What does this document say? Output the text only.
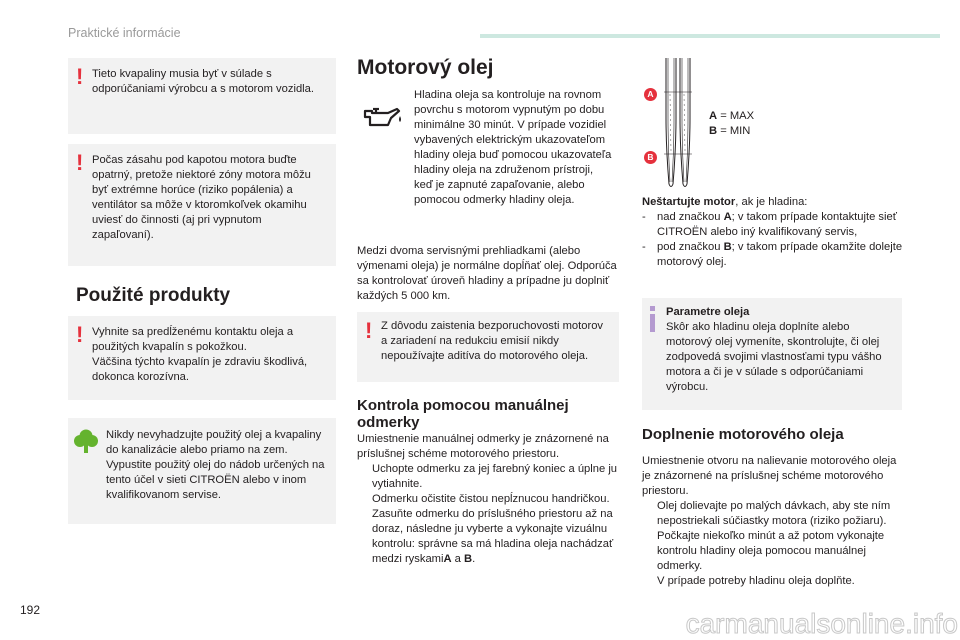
Praktické informácie
! Tieto kvapaliny musia byť v súlade s odporúčaniami výrobcu a s motorom vozidla.

! Počas zásahu pod kapotou motora buďte opatrný, pretože niektoré zóny motora môžu byť extrémne horúce (riziko popálenia) a ventilátor sa môže v ktoromkoľvek okamihu uviesť do činnosti (aj pri vypnutom zapaľovaní).

Použité produkty
! Vyhnite sa predĺženému kontaktu oleja a použitých kvapalín s pokožkou.

Väčšina týchto kvapalín je zdraviu škodlivá, dokonca korozívna.

Nikdy nevyhadzujte použitý olej a kvapaliny do kanalizácie alebo priamo na zem.

Vypustite použitý olej do nádob určených na tento účel v sieti CITROËN alebo v inom kvalifikovanom servise.

Motorový olej
Hladina oleja sa kontroluje na rovnom povrchu s motorom vypnutým po dobu minimálne 30 minút. V prípade vozidiel vybavených elektrickým ukazovateľom hladiny oleja buď pomocou ukazovateľa hladiny oleja na združenom prístroji, keď je zapnuté zapaľovanie, alebo pomocou odmerky hladiny oleja.
Medzi dvoma servisnými prehliadkami (alebo výmenami oleja) je normálne dopĺňať olej. Odporúča sa kontrolovať úroveň hladiny a prípadne ju doplniť každých 5 000 km.
! Z dôvodu zaistenia bezporuchovosti motorov a zariadení na redukciu emisií nikdy nepoužívajte aditíva do motorového oleja.

Kontrola pomocou manuálnej odmerky

Umiestnenie manuálnej odmerky je znázornené na príslušnej schéme motorového priestoru.

Uchopte odmerku za jej farebný koniec a úplne ju vytiahnite.
Odmerku očistite čistou nepĺznucou handričkou.
Zasuňte odmerku do príslušného priestoru až na doraz, následne ju vyberte a vykonajte vizuálnu kontrolu: správne sa má hladina oleja nachádzať medzi ryskamiA a B.
A
B
A = MAX
B = MIN

Neštartujte motor, ak je hladina:

- nad značkou A; v takom prípade kontaktujte sieť CITROËN alebo iný kvalifikovaný servis,
- pod značkou B; v takom prípade okamžite dolejte motorový olej.

Parametre oleja

Skôr ako hladinu oleja doplníte alebo motorový olej vymeníte, skontrolujte, či olej zodpovedá svojimi vlastnosťami typu vášho motora a či je v súlade s odporúčaniami výrobcu.

Doplnenie motorového oleja

Umiestnenie otvoru na nalievanie motorového oleja je znázornené na príslušnej schéme motorového priestoru.

Olej dolievajte po malých dávkach, aby ste ním nepostriekali súčiastky motora (riziko požiaru).
Počkajte niekoľko minút a až potom vykonajte kontrolu hladiny oleja pomocou manuálnej odmerky.
V prípade potreby hladinu oleja doplňte.
192	carmanualsonline.info
